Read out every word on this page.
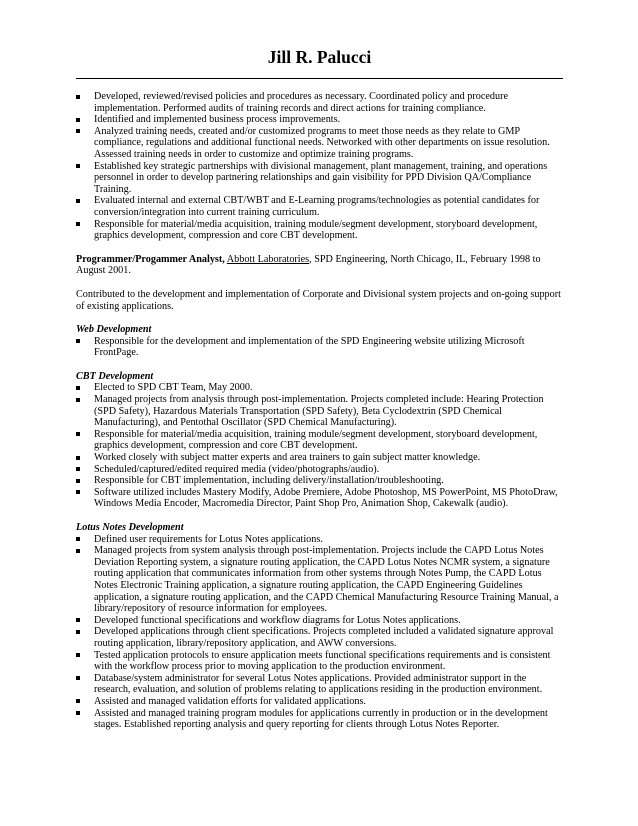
Jill R. Palucci
Developed, reviewed/revised policies and procedures as necessary. Coordinated policy and procedure implementation. Performed audits of training records and direct actions for training compliance.
Identified and implemented business process improvements.
Analyzed training needs, created and/or customized programs to meet those needs as they relate to GMP compliance, regulations and additional functional needs. Networked with other departments on issue resolution. Assessed training needs in order to customize and optimize training programs.
Established key strategic partnerships with divisional management, plant management, training, and operations personnel in order to develop partnering relationships and gain visibility for PPD Division QA/Compliance Training.
Evaluated internal and external CBT/WBT and E-Learning programs/technologies as potential candidates for conversion/integration into current training curriculum.
Responsible for material/media acquisition, training module/segment development, storyboard development, graphics development, compression and core CBT development.

Programmer/Progammer Analyst, Abbott Laboratories, SPD Engineering, North Chicago, IL, February 1998 to August 2001.

Contributed to the development and implementation of Corporate and Divisional system projects and on-going support of existing applications.

Web Development
Responsible for the development and implementation of the SPD Engineering website utilizing Microsoft FrontPage.
CBT Development
Elected to SPD CBT Team, May 2000.
Managed projects from analysis through post-implementation. Projects completed include: Hearing Protection (SPD Safety), Hazardous Materials Transportation (SPD Safety), Beta Cyclodextrin (SPD Chemical Manufacturing), and Pentothal Oscillator (SPD Chemical Manufacturing).
Responsible for material/media acquisition, training module/segment development, storyboard development, graphics development, compression and core CBT development.
Worked closely with subject matter experts and area trainers to gain subject matter knowledge.
Scheduled/captured/edited required media (video/photographs/audio).
Responsible for CBT implementation, including delivery/installation/troubleshooting.
Software utilized includes Mastery Modify, Adobe Premiere, Adobe Photoshop, MS PowerPoint, MS PhotoDraw, Windows Media Encoder, Macromedia Director, Paint Shop Pro, Animation Shop, Cakewalk (audio).
Lotus Notes Development
Defined user requirements for Lotus Notes applications.
Managed projects from system analysis through post-implementation. Projects include the CAPD Lotus Notes Deviation Reporting system, a signature routing application, the CAPD Lotus Notes NCMR system, a signature routing application that communicates information from other systems through Notes Pump, the CAPD Lotus Notes Electronic Training application, a signature routing application, the CAPD Engineering Guidelines application, a signature routing application, and the CAPD Chemical Manufacturing Resource Training Manual, a library/repository of resource information for employees.
Developed functional specifications and workflow diagrams for Lotus Notes applications.
Developed applications through client specifications. Projects completed included a validated signature approval routing application, library/repository application, and AWW conversions.
Tested application protocols to ensure application meets functional specifications requirements and is consistent with the workflow process prior to moving application to the production environment.
Database/system administrator for several Lotus Notes applications. Provided administrator support in the research, evaluation, and solution of problems relating to applications residing in the production environment.
Assisted and managed validation efforts for validated applications.
Assisted and managed training program modules for applications currently in production or in the development stages. Established reporting analysis and query reporting for clients through Lotus Notes Reporter.
